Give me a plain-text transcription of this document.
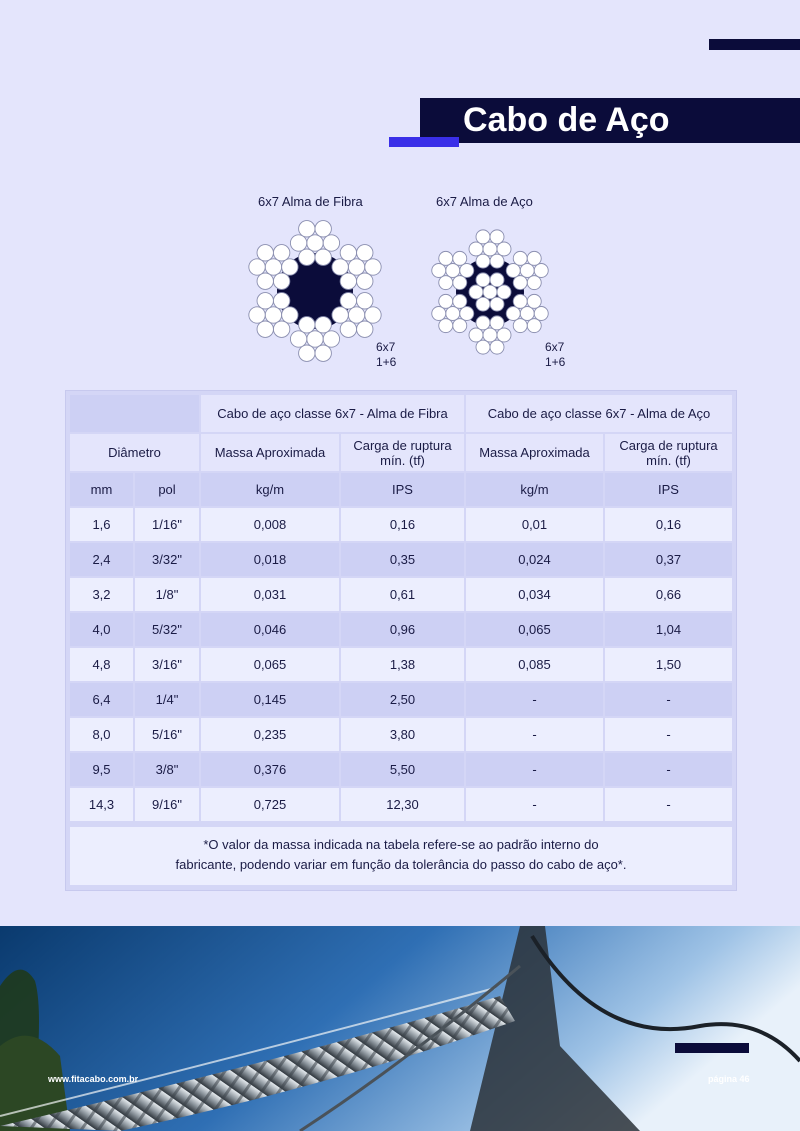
Cabo de Aço
6x7 Alma de Fibra	6x7 Alma de Aço
6x7
1+6
6x7
1+6
		Cabo de aço classe 6x7 - Alma de Fibra		Cabo de aço classe 6x7 - Alma de Aço	
Diâmetro		Massa Aproximada	Carga de ruptura mín. (tf)	Massa Aproximada	Carga de ruptura mín. (tf)
mm	pol	kg/m	IPS	kg/m	IPS
1,6	1/16"	0,008	0,16	0,01	0,16
2,4	3/32"	0,018	0,35	0,024	0,37
3,2	1/8"	0,031	0,61	0,034	0,66
4,0	5/32"	0,046	0,96	0,065	1,04
4,8	3/16"	0,065	1,38	0,085	1,50
6,4	1/4"	0,145	2,50	-	-
8,0	5/16"	0,235	3,80	-	-
9,5	3/8"	0,376	5,50	-	-
14,3	9/16"	0,725	12,30	-	-
*O valor da massa indicada na tabela refere-se ao padrão interno do
fabricante, podendo variar em função da tolerância do passo do cabo de aço*.
www.fitacabo.com.br	página 46
